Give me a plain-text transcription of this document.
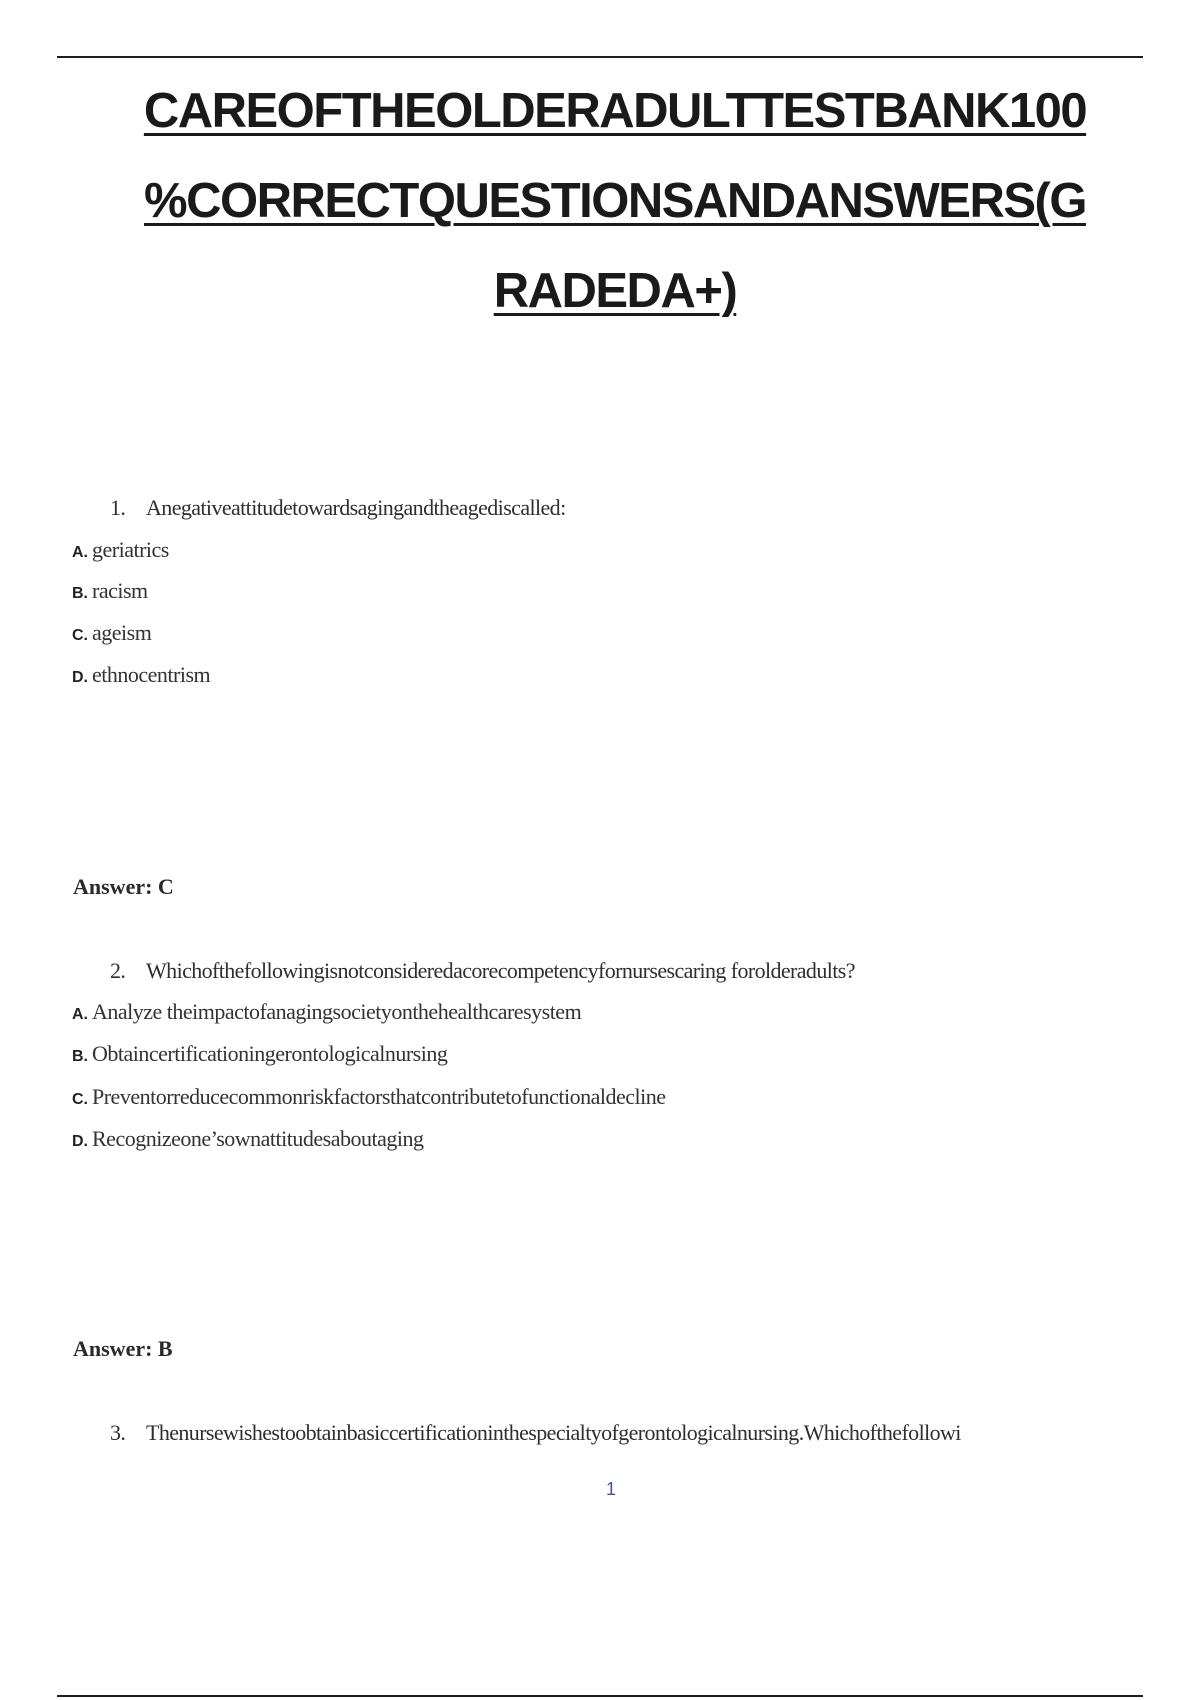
CAREOFTHEOLDERADULTTESTBANK100
%CORRECTQUESTIONSANDANSWERS(G
RADEDA+)
1. Anegativeattitudetowardsagingandtheagediscalled:
A. geriatrics
B. racism
C. ageism
D. ethnocentrism
Answer: C
2. Whichofthefollowingisnotconsideredacorecompetencyfornursescaring forolderadults?
A. Analyze theimpactofanagingsocietyonthehealthcaresystem
B. Obtaincertificationingerontologicalnursing
C. Preventorreducecommonriskfactorsthatcontributetofunctionaldecline
D. Recognizeone’sownattitudesaboutaging
Answer: B
3. Thenursewishestoobtainbasiccertificationinthespecialtyofgerontologicalnursing.Whichofthefollowi
1
